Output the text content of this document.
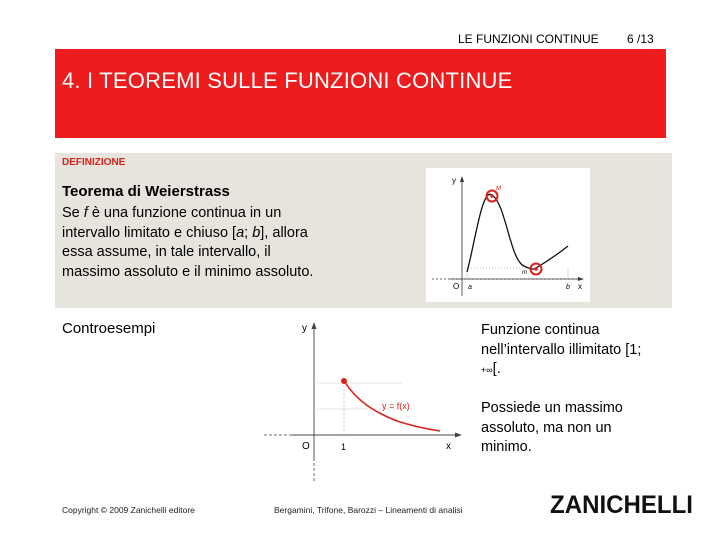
LE FUNZIONI CONTINUE 6 /13
4. I TEOREMI SULLE FUNZIONI CONTINUE
DEFINIZIONE
Teorema di Weierstrass
Se f è una funzione continua in un intervallo limitato e chiuso [a; b], allora essa assume, in tale intervallo, il massimo assoluto e il minimo assoluto.
y
x
O a	b
m
M
Controesempi	y
x
O	1
y = f(x)
Funzione continua nell’intervallo illimitato [1; +∞[.
Possiede un massimo assoluto, ma non un minimo.
Copyright © 2009 Zanichelli editore	Bergamini, Trifone, Barozzi – Lineamenti di analisi	ZANICHELLI
